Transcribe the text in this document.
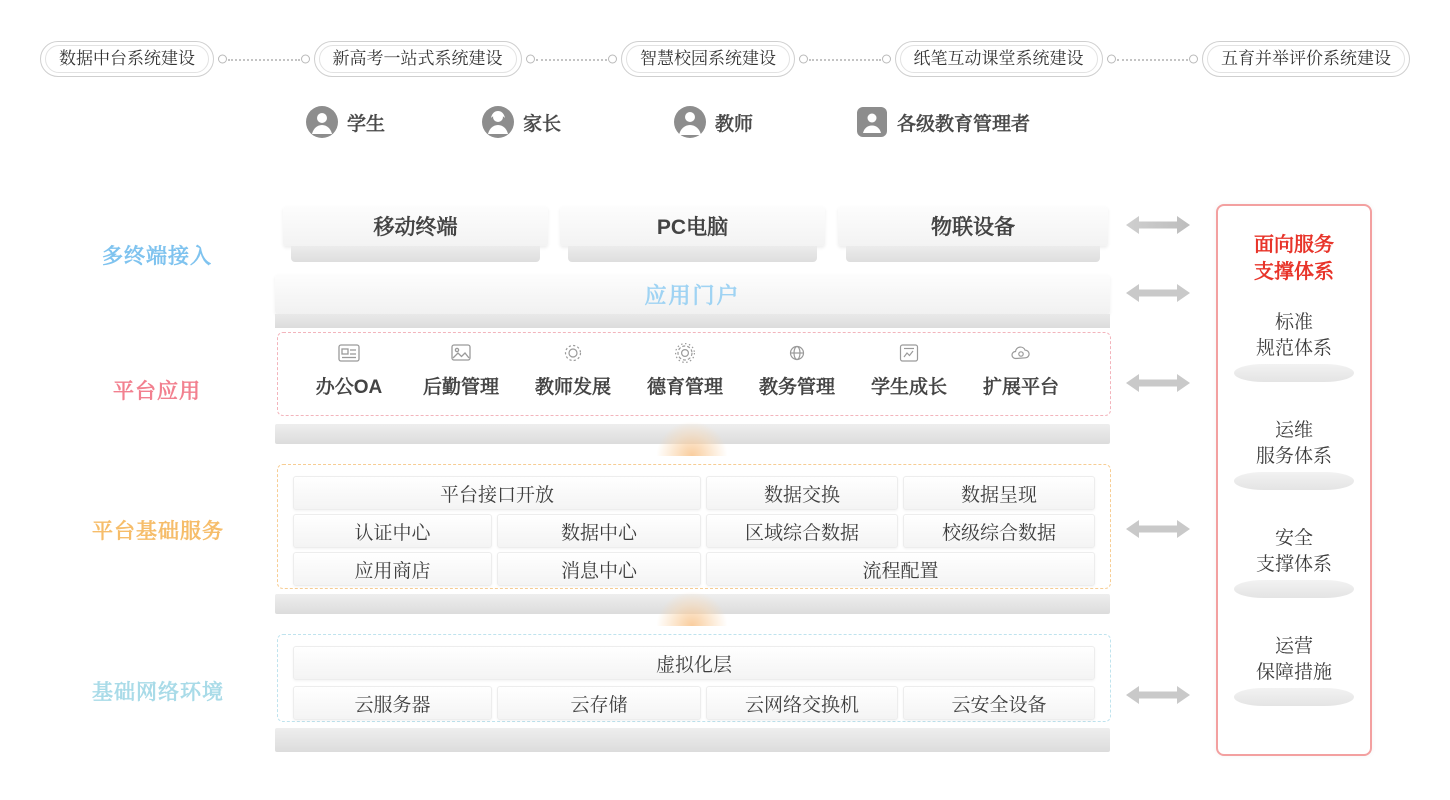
数据中台系统建设	新高考一站式系统建设	智慧校园系统建设	纸笔互动课堂系统建设	五育并举评价系统建设
多终端接入
平台应用
平台基础服务
基础网络环境
学生	家长	教师	各级教育管理者
移动终端	PC电脑	物联设备
应用门户
办公OA	后勤管理	教师发展	德育管理	教务管理	学生成长	扩展平台
平台接口开放	数据交换	数据呈现
认证中心	数据中心	区域综合数据	校级综合数据
应用商店	消息中心	流程配置
虚拟化层
云服务器	云存储	云网络交换机	云安全设备
面向服务
支撑体系
标准
规范体系
运维
服务体系
安全
支撑体系
运营
保障措施
